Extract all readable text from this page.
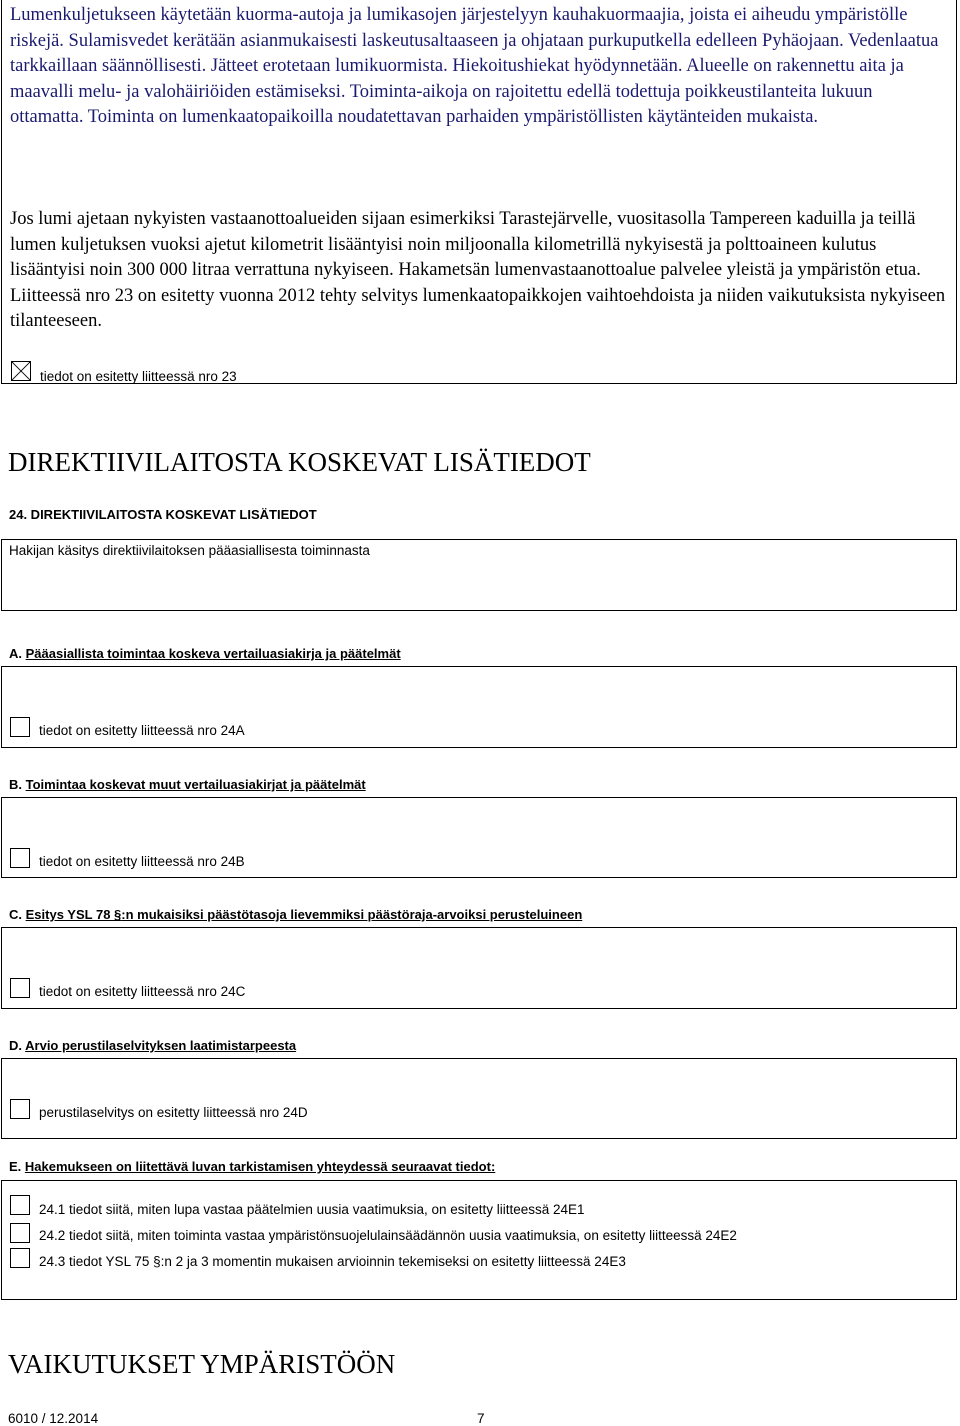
Lumenkuljetukseen käytetään kuorma-autoja ja lumikasojen järjestelyyn kauhakuormaajia, joista ei aiheudu ympäristölle riskejä. Sulamisvedet kerätään asianmukaisesti laskeutusaltaaseen ja ohjataan purkuputkella edelleen Pyhäojaan. Vedenlaatua tarkkaillaan säännöllisesti. Jätteet erotetaan lumikuormista. Hiekoitushiekat hyödynnetään. Alueelle on rakennettu aita ja maavalli melu- ja valohäiriöiden estämiseksi. Toiminta-aikoja on rajoitettu edellä todettuja poikkeustilanteita lukuun ottamatta. Toiminta on lumenkaatopaikoilla noudatettavan parhaiden ympäristöllisten käytänteiden mukaista.

Jos lumi ajetaan nykyisten vastaanottoalueiden sijaan esimerkiksi Tarastejärvelle, vuositasolla Tampereen kaduilla ja teillä lumen kuljetuksen vuoksi ajetut kilometrit lisääntyisi noin miljoonalla kilometrillä nykyisestä ja polttoaineen kulutus lisääntyisi noin 300 000 litraa verrattuna nykyiseen. Hakametsän lumenvastaanottoalue palvelee yleistä ja ympäristön etua. Liitteessä nro 23 on esitetty vuonna 2012 tehty selvitys lumenkaatopaikkojen vaihtoehdoista ja niiden vaikutuksista nykyiseen tilanteeseen.

tiedot on esitetty liitteessä nro 23
DIREKTIIVILAITOSTA KOSKEVAT LISÄTIEDOT
24. DIREKTIIVILAITOSTA KOSKEVAT LISÄTIEDOT
Hakijan käsitys direktiivilaitoksen pääasiallisesta toiminnasta
A. Pääasiallista toimintaa koskeva vertailuasiakirja ja päätelmät
tiedot on esitetty liitteessä nro 24A
B. Toimintaa koskevat muut vertailuasiakirjat ja päätelmät
tiedot on esitetty liitteessä nro 24B
C. Esitys YSL 78 §:n mukaisiksi päästötasoja lievemmiksi päästöraja-arvoiksi perusteluineen
tiedot on esitetty liitteessä nro 24C
D. Arvio perustilaselvityksen laatimistarpeesta
perustilaselvitys on esitetty liitteessä nro 24D
E. Hakemukseen on liitettävä luvan tarkistamisen yhteydessä seuraavat tiedot:
24.1 tiedot siitä, miten lupa vastaa päätelmien uusia vaatimuksia, on esitetty liitteessä 24E1
24.2 tiedot siitä, miten toiminta vastaa ympäristönsuojelulainsäädännön uusia vaatimuksia, on esitetty liitteessä 24E2
24.3 tiedot YSL 75 §:n 2 ja 3 momentin mukaisen arvioinnin tekemiseksi on esitetty liitteessä 24E3
VAIKUTUKSET YMPÄRISTÖÖN
6010 / 12.2014	7
